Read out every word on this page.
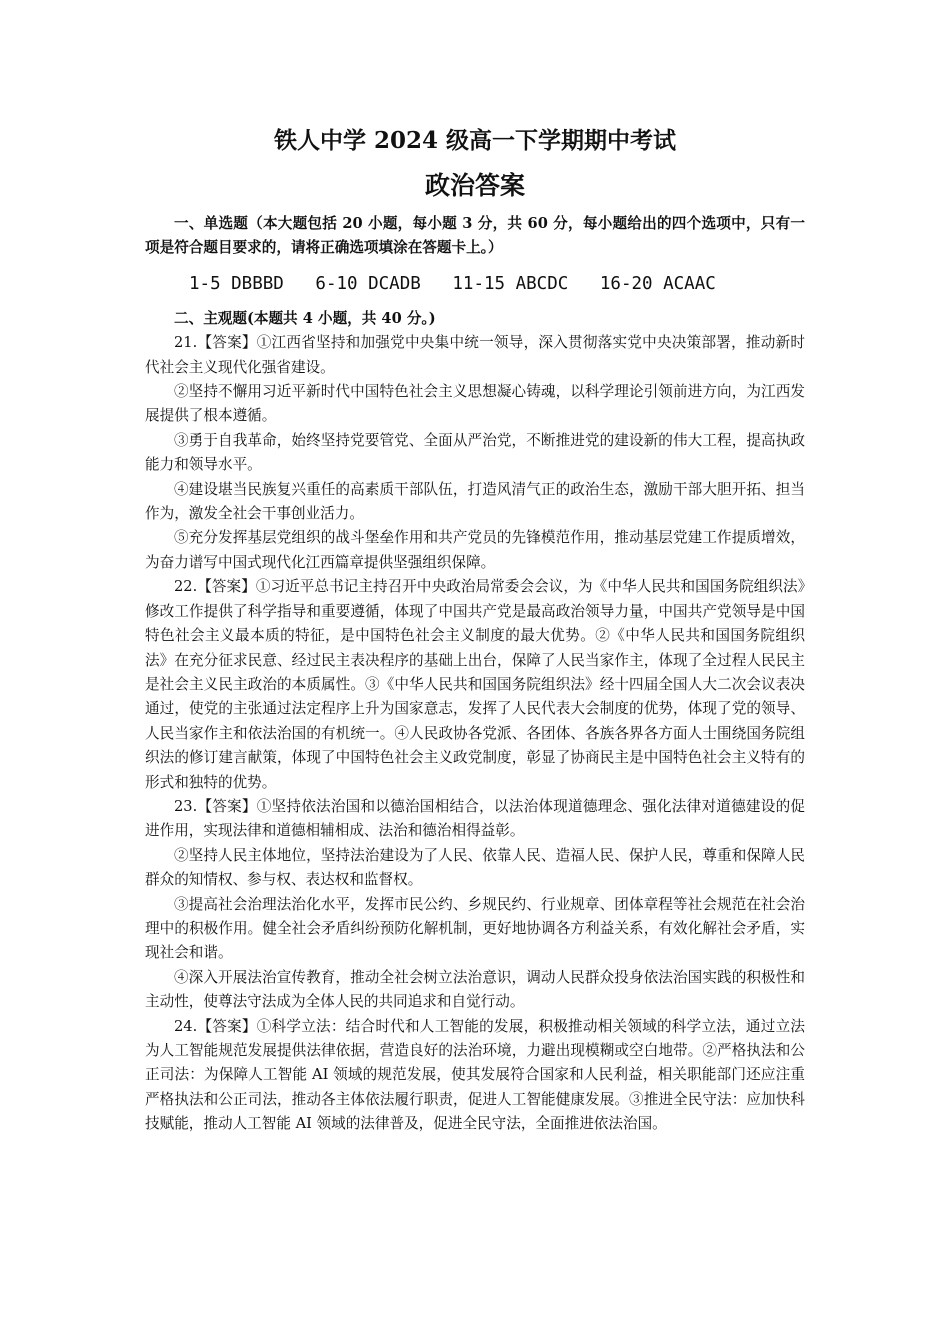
铁人中学 2024 级高一下学期期中考试
政治答案

一、单选题（本大题包括 20 小题，每小题 3 分，共 60 分，每小题给出的四个选项中，只有一项是符合题目要求的，请将正确选项填涂在答题卡上。）

1-5 DBBBD   6-10 DCADB   11-15 ABCDC   16-20 ACAAC

二、主观题(本题共 4 小题，共 40 分。)

21.【答案】①江西省坚持和加强党中央集中统一领导，深入贯彻落实党中央决策部署，推动新时代社会主义现代化强省建设。

②坚持不懈用习近平新时代中国特色社会主义思想凝心铸魂，以科学理论引领前进方向，为江西发展提供了根本遵循。

③勇于自我革命，始终坚持党要管党、全面从严治党，不断推进党的建设新的伟大工程，提高执政能力和领导水平。

④建设堪当民族复兴重任的高素质干部队伍，打造风清气正的政治生态，激励干部大胆开拓、担当作为，激发全社会干事创业活力。

⑤充分发挥基层党组织的战斗堡垒作用和共产党员的先锋模范作用，推动基层党建工作提质增效，为奋力谱写中国式现代化江西篇章提供坚强组织保障。

22.【答案】①习近平总书记主持召开中央政治局常委会会议，为《中华人民共和国国务院组织法》修改工作提供了科学指导和重要遵循，体现了中国共产党是最高政治领导力量，中国共产党领导是中国特色社会主义最本质的特征，是中国特色社会主义制度的最大优势。②《中华人民共和国国务院组织法》在充分征求民意、经过民主表决程序的基础上出台，保障了人民当家作主，体现了全过程人民民主是社会主义民主政治的本质属性。③《中华人民共和国国务院组织法》经十四届全国人大二次会议表决通过，使党的主张通过法定程序上升为国家意志，发挥了人民代表大会制度的优势，体现了党的领导、人民当家作主和依法治国的有机统一。④人民政协各党派、各团体、各族各界各方面人士围绕国务院组织法的修订建言献策，体现了中国特色社会主义政党制度，彰显了协商民主是中国特色社会主义特有的形式和独特的优势。

23.【答案】①坚持依法治国和以德治国相结合，以法治体现道德理念、强化法律对道德建设的促进作用，实现法律和道德相辅相成、法治和德治相得益彰。

②坚持人民主体地位，坚持法治建设为了人民、依靠人民、造福人民、保护人民，尊重和保障人民群众的知情权、参与权、表达权和监督权。

③提高社会治理法治化水平，发挥市民公约、乡规民约、行业规章、团体章程等社会规范在社会治理中的积极作用。健全社会矛盾纠纷预防化解机制，更好地协调各方利益关系，有效化解社会矛盾，实现社会和谐。

④深入开展法治宣传教育，推动全社会树立法治意识，调动人民群众投身依法治国实践的积极性和主动性，使尊法守法成为全体人民的共同追求和自觉行动。

24.【答案】①科学立法：结合时代和人工智能的发展，积极推动相关领域的科学立法，通过立法为人工智能规范发展提供法律依据，营造良好的法治环境，力避出现模糊或空白地带。②严格执法和公正司法：为保障人工智能 AI 领域的规范发展，使其发展符合国家和人民利益，相关职能部门还应注重严格执法和公正司法，推动各主体依法履行职责，促进人工智能健康发展。③推进全民守法：应加快科技赋能，推动人工智能 AI 领域的法律普及，促进全民守法，全面推进依法治国。
